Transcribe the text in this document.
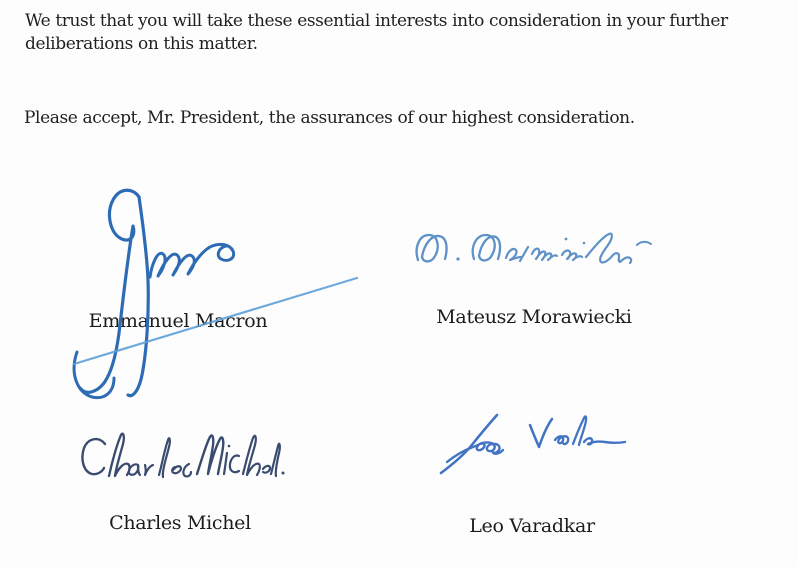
We trust that you will take these essential interests into consideration in your further
deliberations on this matter.
Please accept, Mr. President, the assurances of our highest consideration.
Emmanuel Macron	Mateusz Morawiecki
Charles Michel	Leo Varadkar
